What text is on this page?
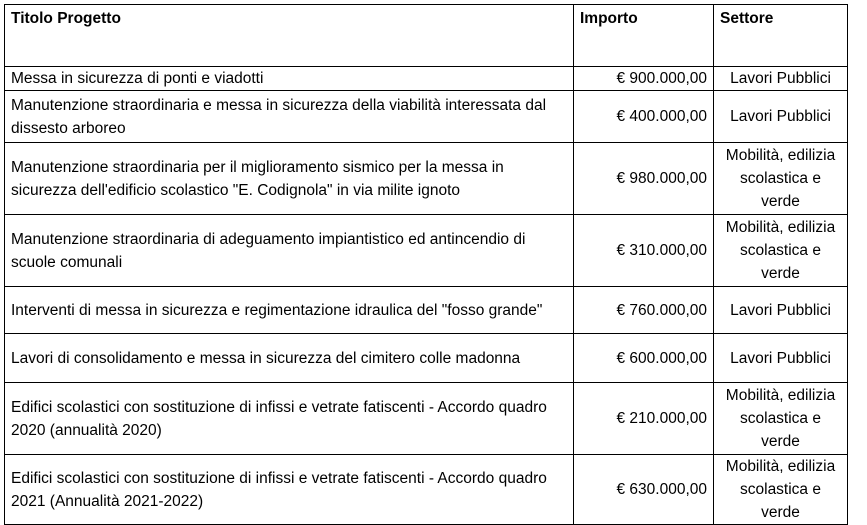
Titolo Progetto	Importo	Settore
Messa in sicurezza di ponti e viadotti	€ 900.000,00	Lavori Pubblici
Manutenzione straordinaria e messa in sicurezza della viabilità interessata dal dissesto arboreo	€ 400.000,00	Lavori Pubblici
Manutenzione straordinaria per il miglioramento sismico per la messa in sicurezza dell'edificio scolastico "E. Codignola" in via milite ignoto	€ 980.000,00	Mobilità, edilizia scolastica e verde
Manutenzione straordinaria di adeguamento impiantistico ed antincendio di scuole comunali	€ 310.000,00	Mobilità, edilizia scolastica e verde
Interventi di messa in sicurezza e regimentazione idraulica del "fosso grande"	€ 760.000,00	Lavori Pubblici
Lavori di consolidamento e messa in sicurezza del cimitero colle madonna	€ 600.000,00	Lavori Pubblici
Edifici scolastici con sostituzione di infissi e vetrate fatiscenti - Accordo quadro 2020 (annualità 2020)	€ 210.000,00	Mobilità, edilizia scolastica e verde
Edifici scolastici con sostituzione di infissi e vetrate fatiscenti - Accordo quadro 2021 (Annualità 2021-2022)	€ 630.000,00	Mobilità, edilizia scolastica e verde
